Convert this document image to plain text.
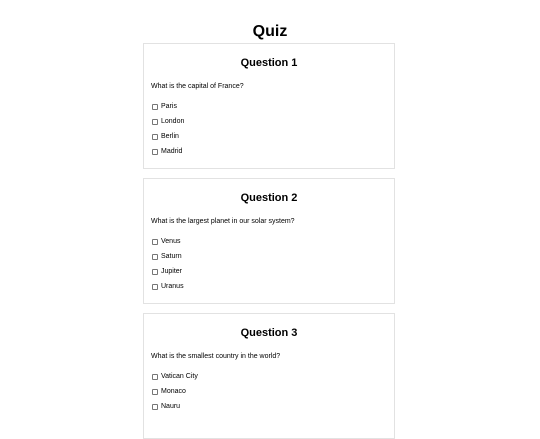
Quiz
Question 1
What is the capital of France?
Paris
London
Berlin
Madrid
Question 2
What is the largest planet in our solar system?
Venus
Saturn
Jupiter
Uranus
Question 3
What is the smallest country in the world?
Vatican City
Monaco
Nauru
